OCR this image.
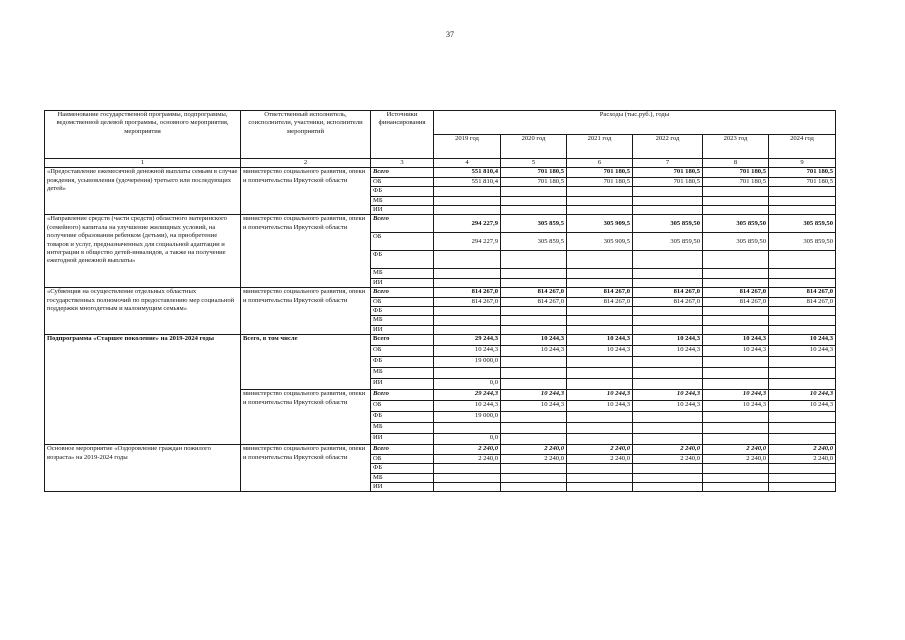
37
Наименование государственной программы, подпрограммы, ведомственной целевой программы, основного мероприятия, мероприятия	Ответственный исполнитель, соисполнители, участники, исполнители мероприятий	Источники финансирования	Расходы (тыс.руб.), годы					
			2019 год	2020 год	2021 год	2022 год	2023 год	2024 год
1	2	3	4	5	6	7	8	9
«Предоставление ежемесячной денежной выплаты семьям в случае рождения, усыновления (удочерения) третьего или последующих детей»	министерство социального развития, опеки и попечительства Иркутской области	Всего	551 810,4	701 180,5	701 180,5	701 180,5	701 180,5	701 180,5
		ОБ	551 810,4	701 180,5	701 180,5	701 180,5	701 180,5	701 180,5
		ФБ						
		МБ						
		ИИ						
«Направление средств (части средств) областного материнского (семейного) капитала на улучшение жилищных условий, на получение образования ребенком (детьми), на приобретение товаров и услуг, предназначенных для социальной адаптации и интеграции в общество детей-инвалидов, а также на получение ежегодной денежной выплаты»	министерство социального развития, опеки и попечительства Иркутской области	Всего	294 227,9	305 859,5	305 909,5	305 859,50	305 859,50	305 859,50
		ОБ	294 227,9	305 859,5	305 909,5	305 859,50	305 859,50	305 859,50
		ФБ						
		МБ						
		ИИ						
«Субвенция на осуществление отдельных областных государственных полномочий по предоставлению мер социальной поддержки многодетным и малоимущим семьям»	министерство социального развития, опеки и попечительства Иркутской области	Всего	814 267,0	814 267,0	814 267,0	814 267,0	814 267,0	814 267,0
		ОБ	814 267,0	814 267,0	814 267,0	814 267,0	814 267,0	814 267,0
		ФБ						
		МБ						
		ИИ						
Подпрограмма «Старшее поколение» на 2019-2024 годы	Всего, в том числе	Всего	29 244,3	10 244,3	10 244,3	10 244,3	10 244,3	10 244,3
		ОБ	10 244,3	10 244,3	10 244,3	10 244,3	10 244,3	10 244,3
		ФБ	19 000,0					
		МБ						
		ИИ	0,0					
	министерство социального развития, опеки и попечительства Иркутской области	Всего	29 244,3	10 244,3	10 244,3	10 244,3	10 244,3	10 244,3
		ОБ	10 244,3	10 244,3	10 244,3	10 244,3	10 244,3	10 244,3
		ФБ	19 000,0					
		МБ						
		ИИ	0,0					
Основное мероприятие «Оздоровление граждан пожилого возраста» на 2019-2024 годы	министерство социального развития, опеки и попечительства Иркутской области	Всего	2 240,0	2 240,0	2 240,0	2 240,0	2 240,0	2 240,0
		ОБ	2 240,0	2 240,0	2 240,0	2 240,0	2 240,0	2 240,0
		ФБ						
		МБ						
		ИИ						
